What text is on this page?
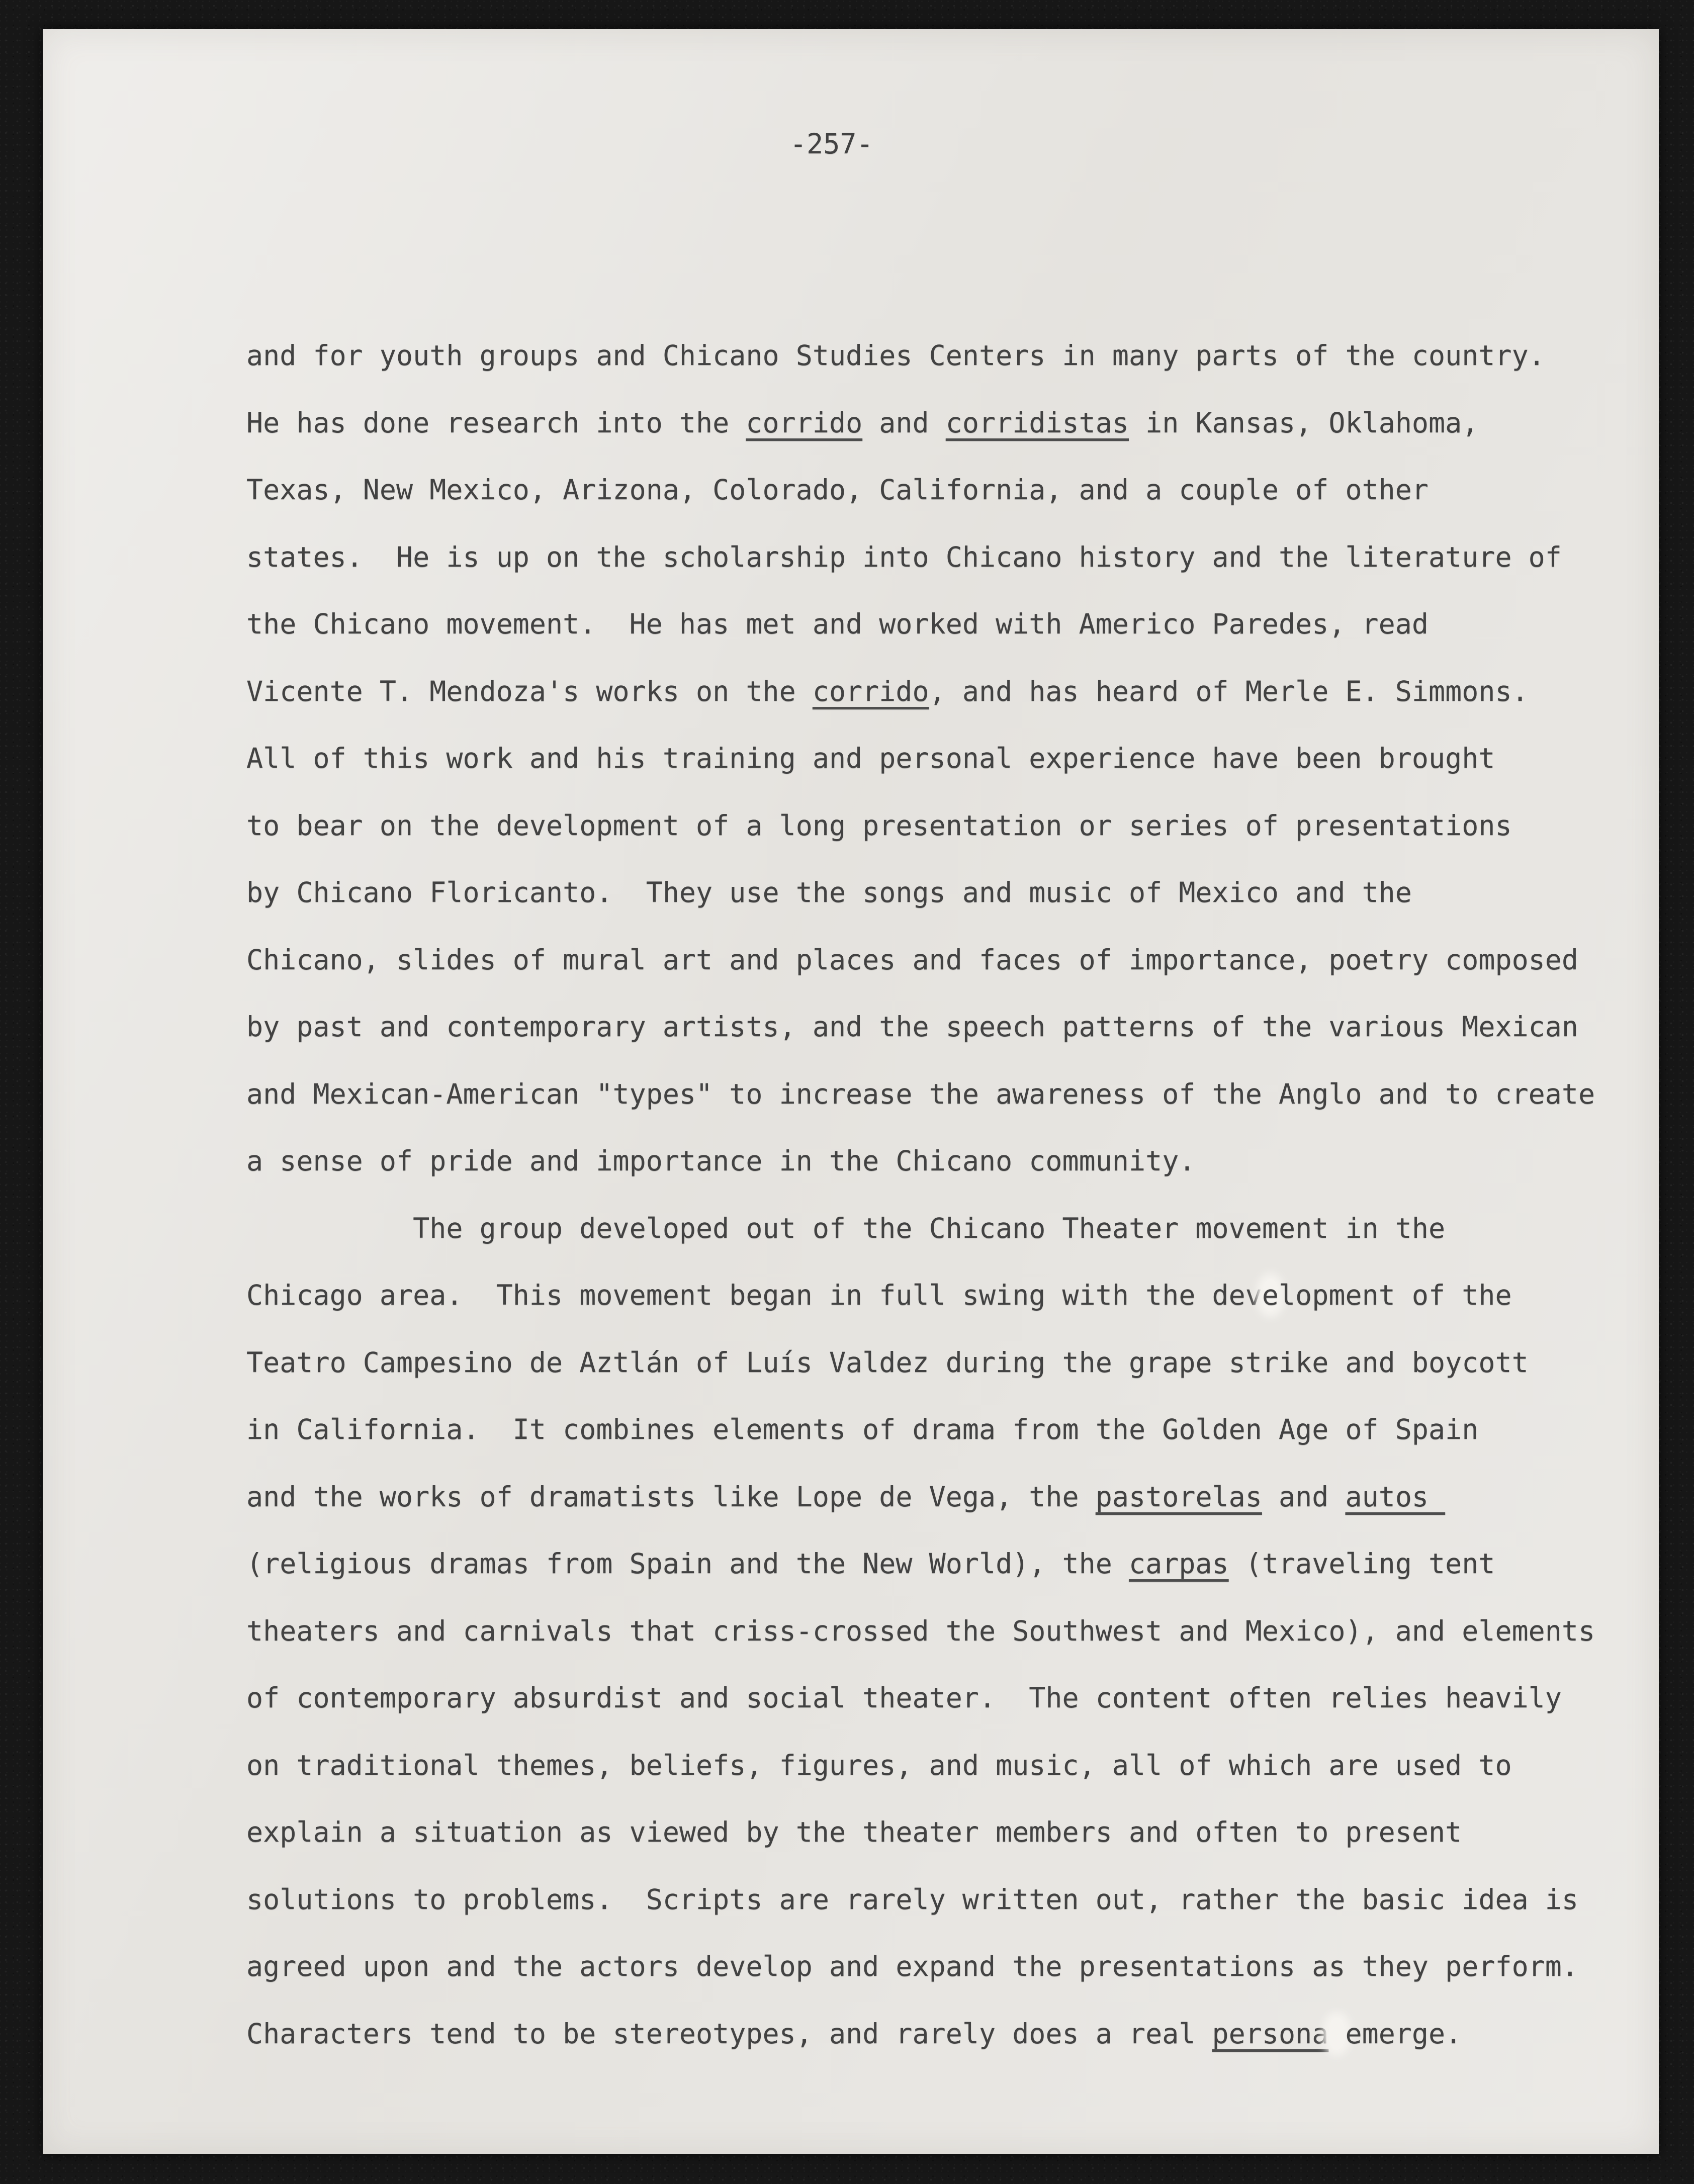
-257-
and for youth groups and Chicano Studies Centers in many parts of the country.
He has done research into the corrido and corridistas in Kansas, Oklahoma,
Texas, New Mexico, Arizona, Colorado, California, and a couple of other
states.  He is up on the scholarship into Chicano history and the literature of
the Chicano movement.  He has met and worked with Americo Paredes, read
Vicente T. Mendoza's works on the corrido, and has heard of Merle E. Simmons.
All of this work and his training and personal experience have been brought
to bear on the development of a long presentation or series of presentations
by Chicano Floricanto.  They use the songs and music of Mexico and the
Chicano, slides of mural art and places and faces of importance, poetry composed
by past and contemporary artists, and the speech patterns of the various Mexican
and Mexican-American "types" to increase the awareness of the Anglo and to create
a sense of pride and importance in the Chicano community.
The group developed out of the Chicano Theater movement in the
Chicago area.  This movement began in full swing with the development of the
Teatro Campesino de Aztlán of Luís Valdez during the grape strike and boycott
in California.  It combines elements of drama from the Golden Age of Spain
and the works of dramatists like Lope de Vega, the pastorelas and autos
(religious dramas from Spain and the New World), the carpas (traveling tent
theaters and carnivals that criss-crossed the Southwest and Mexico), and elements
of contemporary absurdist and social theater.  The content often relies heavily
on traditional themes, beliefs, figures, and music, all of which are used to
explain a situation as viewed by the theater members and often to present
solutions to problems.  Scripts are rarely written out, rather the basic idea is
agreed upon and the actors develop and expand the presentations as they perform.
Characters tend to be stereotypes, and rarely does a real persona emerge.
